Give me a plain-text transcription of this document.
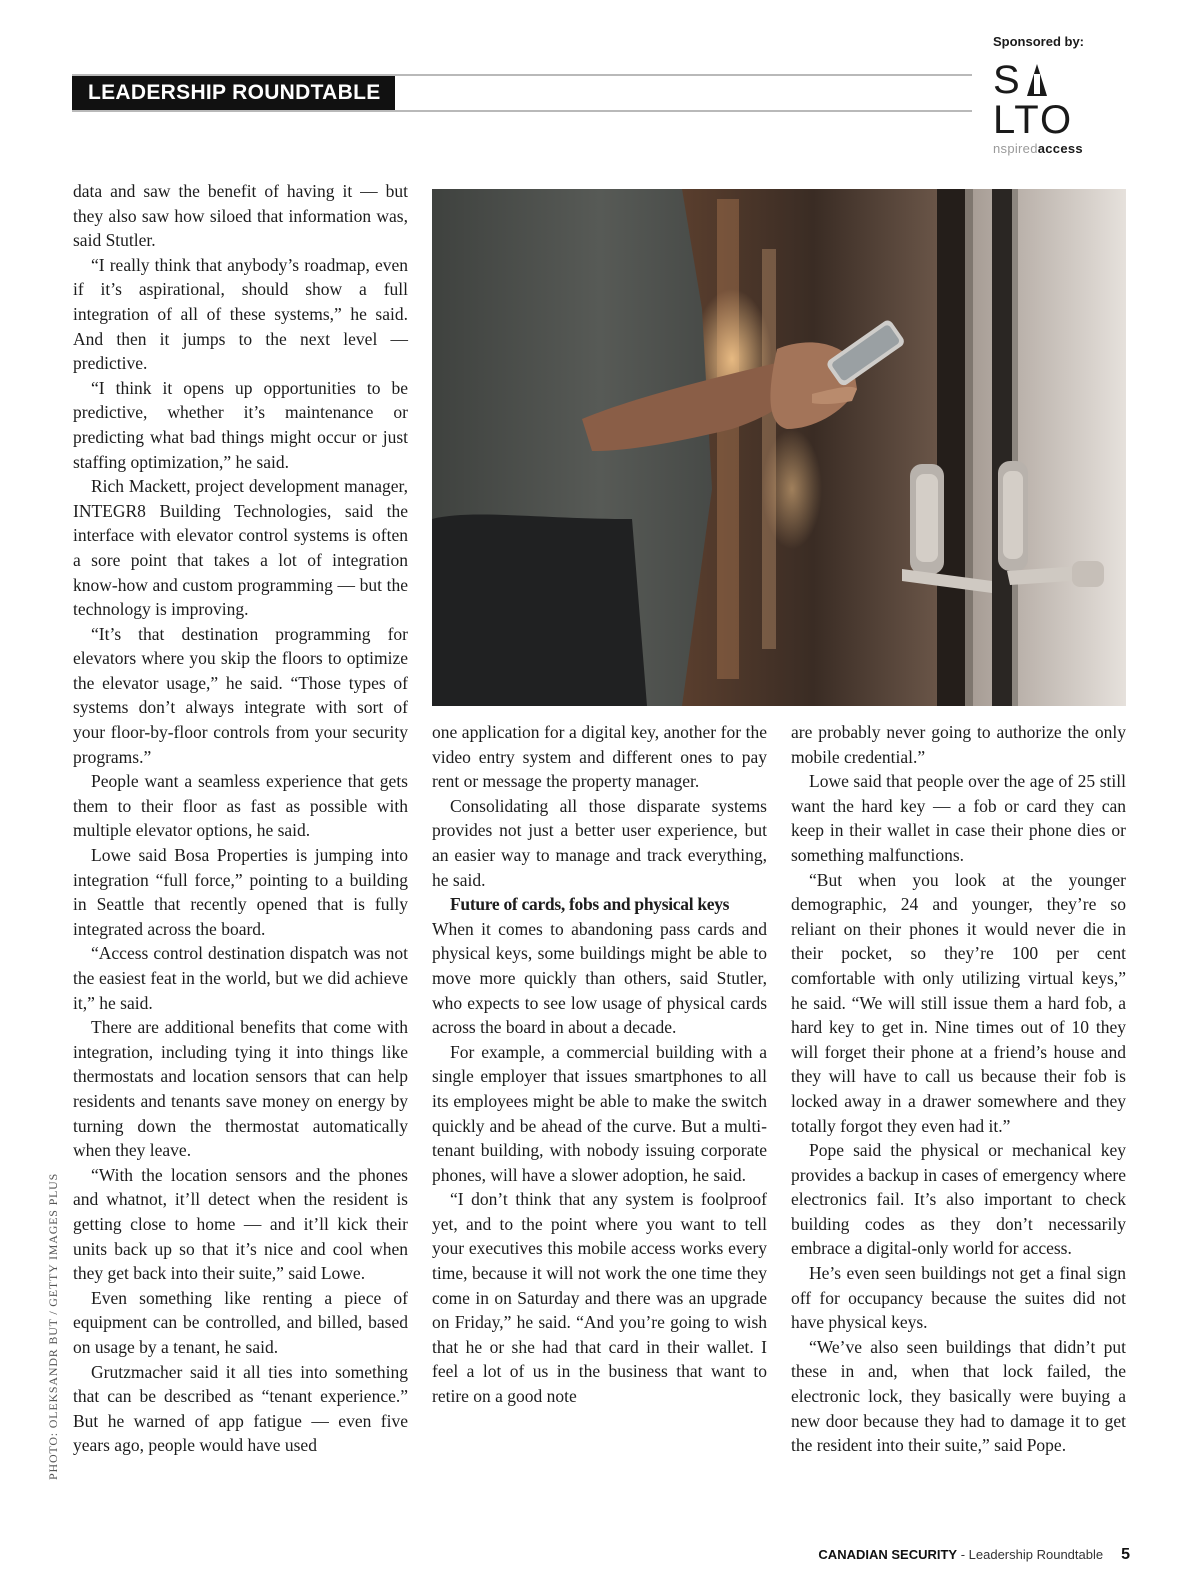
Sponsored by:
S
LTO
nspiredaccess
LEADERSHIP ROUNDTABLE

data and saw the benefit of having it — but they also saw how siloed that information was, said Stutler.

“I really think that anybody’s roadmap, even if it’s aspirational, should show a full integration of all of these systems,” he said. And then it jumps to the next level — predictive.

“I think it opens up opportunities to be predictive, whether it’s maintenance or predicting what bad things might occur or just staffing optimization,” he said.

Rich Mackett, project development manager, INTEGR8 Building Technologies, said the interface with elevator control systems is often a sore point that takes a lot of integration know-how and custom programming — but the technology is improving.

“It’s that destination programming for elevators where you skip the floors to optimize the elevator usage,” he said. “Those types of systems don’t always integrate with sort of your floor-by-floor controls from your security programs.”

People want a seamless experience that gets them to their floor as fast as possible with multiple elevator options, he said.

Lowe said Bosa Properties is jumping into integration “full force,” pointing to a building in Seattle that recently opened that is fully integrated across the board.

“Access control destination dispatch was not the easiest feat in the world, but we did achieve it,” he said.

There are additional benefits that come with integration, including tying it into things like thermostats and location sensors that can help residents and tenants save money on energy by turning down the thermostat automatically when they leave.

“With the location sensors and the phones and whatnot, it’ll detect when the resident is getting close to home — and it’ll kick their units back up so that it’s nice and cool when they get back into their suite,” said Lowe.

Even something like renting a piece of equipment can be controlled, and billed, based on usage by a tenant, he said.

Grutzmacher said it all ties into something that can be described as “tenant experience.” But he warned of app fatigue — even five years ago, people would have used

PHOTO: OLEKSANDR BUT / GETTY IMAGES PLUS

one application for a digital key, another for the video entry system and different ones to pay rent or message the property manager.

Consolidating all those disparate systems provides not just a better user experience, but an easier way to manage and track everything, he said.

Future of cards, fobs and physical keys

When it comes to abandoning pass cards and physical keys, some buildings might be able to move more quickly than others, said Stutler, who expects to see low usage of physical cards across the board in about a decade.

For example, a commercial building with a single employer that issues smartphones to all its employees might be able to make the switch quickly and be ahead of the curve. But a multi-tenant building, with nobody issuing corporate phones, will have a slower adoption, he said.

“I don’t think that any system is foolproof yet, and to the point where you want to tell your executives this mobile access works every time, because it will not work the one time they come in on Saturday and there was an upgrade on Friday,” he said. “And you’re going to wish that he or she had that card in their wallet. I feel a lot of us in the business that want to retire on a good note

are probably never going to authorize the only mobile credential.”

Lowe said that people over the age of 25 still want the hard key — a fob or card they can keep in their wallet in case their phone dies or something malfunctions.

“But when you look at the younger demographic, 24 and younger, they’re so reliant on their phones it would never die in their pocket, so they’re 100 per cent comfortable with only utilizing virtual keys,” he said. “We will still issue them a hard fob, a hard key to get in. Nine times out of 10 they will forget their phone at a friend’s house and they will have to call us because their fob is locked away in a drawer somewhere and they totally forgot they even had it.”

Pope said the physical or mechanical key provides a backup in cases of emergency where electronics fail. It’s also important to check building codes as they don’t necessarily embrace a digital-only world for access.

He’s even seen buildings not get a final sign off for occupancy because the suites did not have physical keys.

“We’ve also seen buildings that didn’t put these in and, when that lock failed, the electronic lock, they basically were buying a new door because they had to damage it to get the resident into their suite,” said Pope.

CANADIAN SECURITY - Leadership Roundtable 5
